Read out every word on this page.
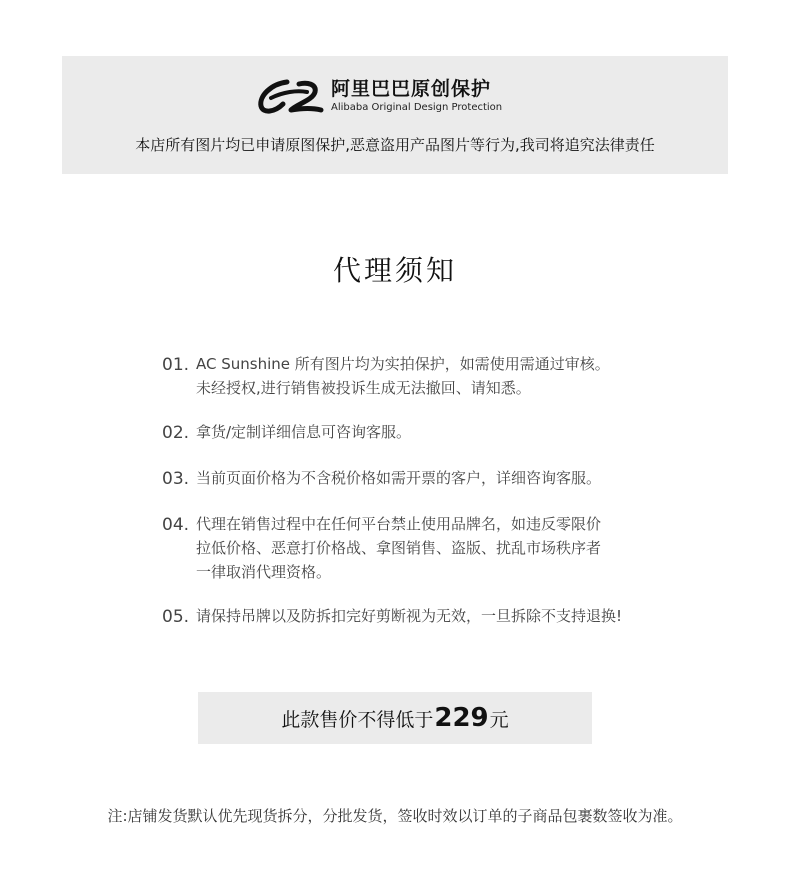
阿里巴巴原创保护
Alibaba Original Design Protection
本店所有图片均已申请原图保护,恶意盗用产品图片等行为,我司将追究法律责任
代理须知
01. AC Sunshine 所有图片均为实拍保护，如需使用需通过审核。
未经授权,进行销售被投诉生成无法撤回、请知悉。
02. 拿货/定制详细信息可咨询客服。
03. 当前页面价格为不含税价格如需开票的客户，详细咨询客服。
04. 代理在销售过程中在任何平台禁止使用品牌名，如违反零限价
拉低价格、恶意打价格战、拿图销售、盗版、扰乱市场秩序者
一律取消代理资格。
05. 请保持吊牌以及防拆扣完好剪断视为无效，一旦拆除不支持退换!
此款售价不得低于 229 元
注:店铺发货默认优先现货拆分，分批发货，签收时效以订单的子商品包裹数签收为准。
